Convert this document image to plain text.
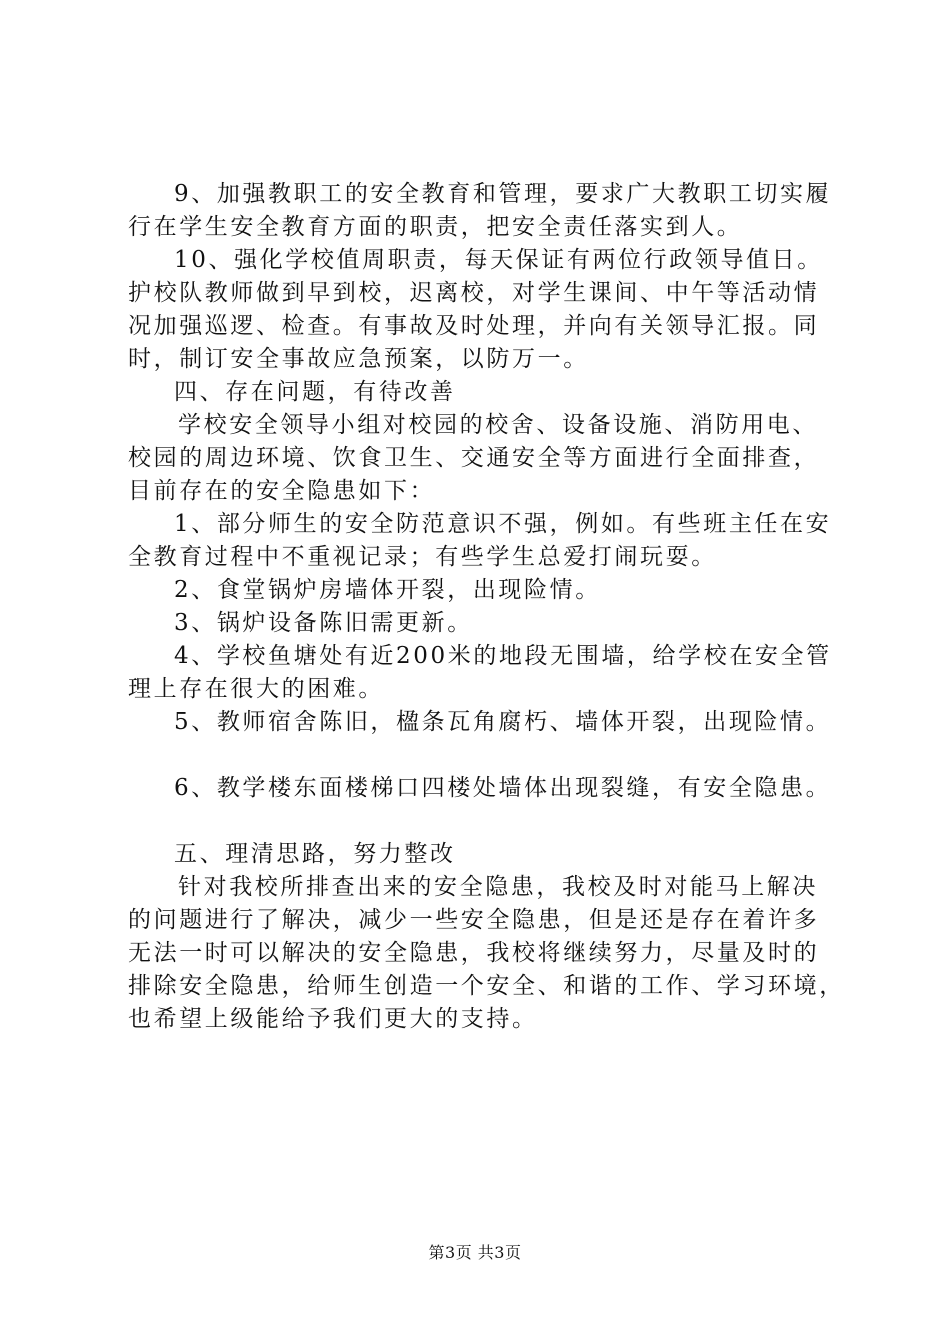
9、加强教职工的安全教育和管理，要求广大教职工切实履
行在学生安全教育方面的职责，把安全责任落实到人。
10、强化学校值周职责，每天保证有两位行政领导值日。
护校队教师做到早到校，迟离校，对学生课间、中午等活动情
况加强巡逻、检查。有事故及时处理，并向有关领导汇报。同
时，制订安全事故应急预案，以防万一。
四、存在问题，有待改善
学校安全领导小组对校园的校舍、设备设施、消防用电、
校园的周边环境、饮食卫生、交通安全等方面进行全面排查，
目前存在的安全隐患如下：
1、部分师生的安全防范意识不强，例如。有些班主任在安
全教育过程中不重视记录；有些学生总爱打闹玩耍。
2、食堂锅炉房墙体开裂，出现险情。
3、锅炉设备陈旧需更新。
4、学校鱼塘处有近200米的地段无围墙，给学校在安全管
理上存在很大的困难。
5、教师宿舍陈旧，楹条瓦角腐朽、墙体开裂，出现险情。
6、教学楼东面楼梯口四楼处墙体出现裂缝，有安全隐患。
五、理清思路，努力整改
针对我校所排查出来的安全隐患，我校及时对能马上解决
的问题进行了解决，减少一些安全隐患，但是还是存在着许多
无法一时可以解决的安全隐患，我校将继续努力，尽量及时的
排除安全隐患，给师生创造一个安全、和谐的工作、学习环境，
也希望上级能给予我们更大的支持。
第3页 共3页
